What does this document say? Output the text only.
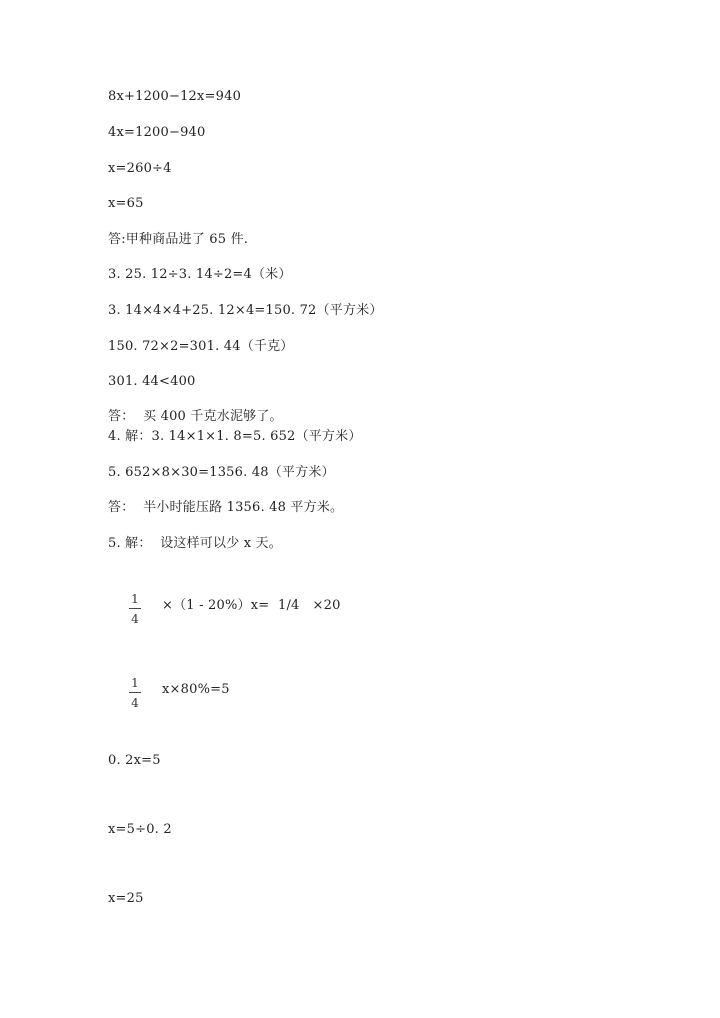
8x+1200−12x=940
4x=1200−940
x=260÷4
x=65
答:甲种商品进了 65 件.
3. 25. 12÷3. 14÷2=4（米）
3. 14×4×4+25. 12×4=150. 72（平方米）
150. 72×2=301. 44（千克）
301. 44<400
答：  买 400 千克水泥够了。
4. 解：3. 14×1×1. 8=5. 652（平方米）
5. 652×8×30=1356. 48（平方米）
答：  半小时能压路 1356. 48 平方米。
5. 解：  设这样可以少 x 天。
1
4
×（1 - 20%）x=  1/4   ×20
1
4
x×80%=5
0. 2x=5
x=5÷0. 2
x=25
